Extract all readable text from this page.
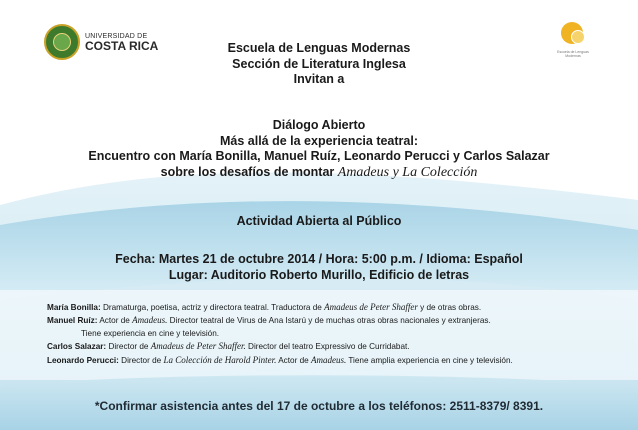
UNIVERSIDAD DE
COSTA RICA	Escuela de Lenguas Modernas
Escuela de Lenguas Modernas
Sección de Literatura Inglesa
Invitan a
Diálogo Abierto
Más allá de la experiencia teatral:
Encuentro con María Bonilla, Manuel Ruíz, Leonardo Perucci y Carlos Salazar
sobre los desafíos de montar Amadeus y La Colección
Actividad Abierta al Público
Fecha: Martes 21 de octubre 2014 / Hora: 5:00 p.m. / Idioma: Español
Lugar: Auditorio Roberto Murillo, Edificio de letras
María Bonilla: Dramaturga, poetisa, actriz y directora teatral. Traductora de Amadeus de Peter Shaffer y de otras obras.
Manuel Ruíz: Actor de Amadeus. Director teatral de Virus de Ana Istarú y de muchas otras obras nacionales y extranjeras.
Tiene experiencia en cine y televisión.
Carlos Salazar: Director de Amadeus de Peter Shaffer. Director del teatro Expressivo de Curridabat.
Leonardo Perucci: Director de La Colección de Harold Pinter. Actor de Amadeus. Tiene amplia experiencia en cine y televisión.
*Confirmar asistencia antes del 17 de octubre a los teléfonos: 2511-8379/ 8391.
